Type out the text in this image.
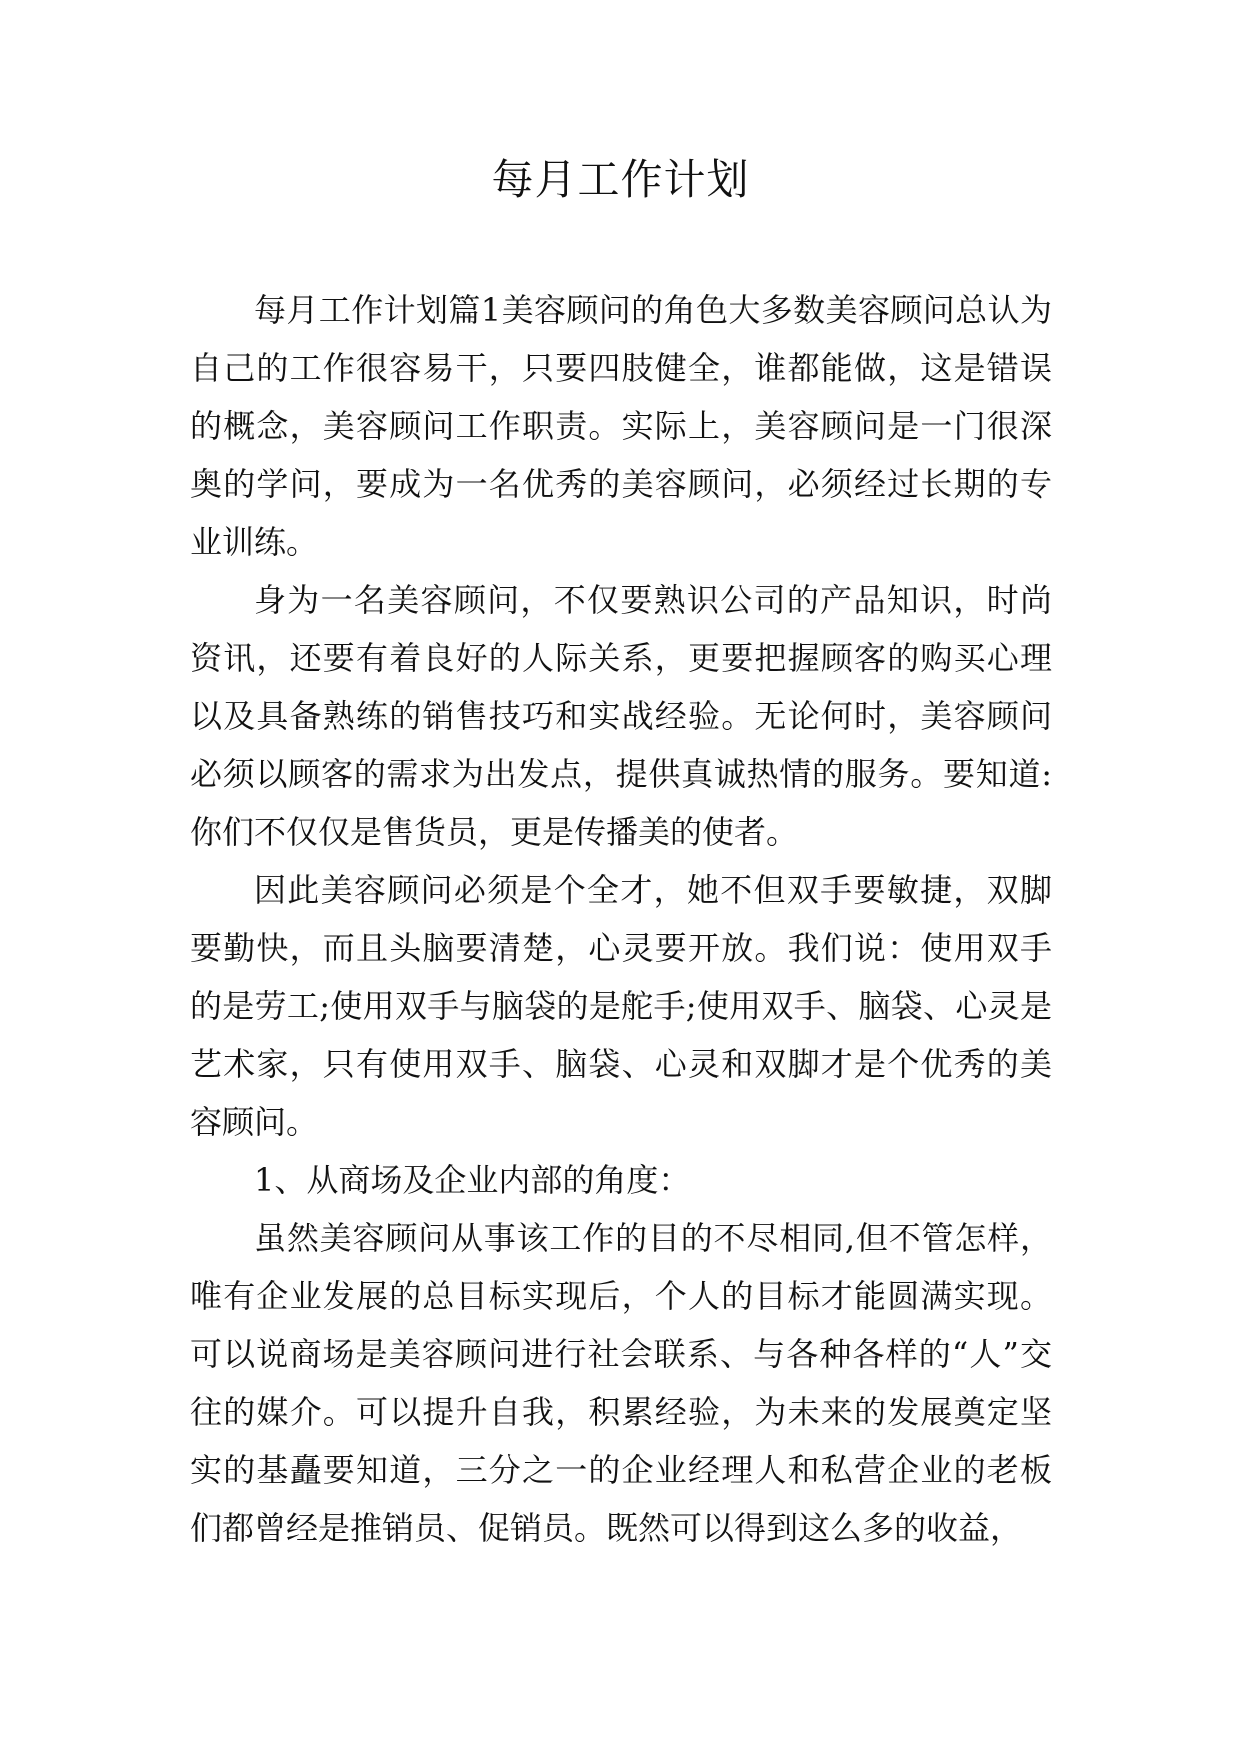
每月工作计划

每月工作计划篇1美容顾问的角色大多数美容顾问总认为自己的工作很容易干，只要四肢健全，谁都能做，这是错误的概念，美容顾问工作职责。实际上，美容顾问是一门很深奥的学问，要成为一名优秀的美容顾问，必须经过长期的专业训练。

身为一名美容顾问，不仅要熟识公司的产品知识，时尚资讯，还要有着良好的人际关系，更要把握顾客的购买心理以及具备熟练的销售技巧和实战经验。无论何时，美容顾问必须以顾客的需求为出发点，提供真诚热情的服务。要知道:你们不仅仅是售货员，更是传播美的使者。

因此美容顾问必须是个全才，她不但双手要敏捷，双脚要勤快，而且头脑要清楚，心灵要开放。我们说：使用双手的是劳工;使用双手与脑袋的是舵手;使用双手、脑袋、心灵是艺术家，只有使用双手、脑袋、心灵和双脚才是个优秀的美容顾问。

1、从商场及企业内部的角度：

虽然美容顾问从事该工作的目的不尽相同,但不管怎样，唯有企业发展的总目标实现后，个人的目标才能圆满实现。可以说商场是美容顾问进行社会联系、与各种各样的“人”交往的媒介。可以提升自我，积累经验，为未来的发展奠定坚实的基矗要知道，三分之一的企业经理人和私营企业的老板们都曾经是推销员、促销员。既然可以得到这么多的收益，
